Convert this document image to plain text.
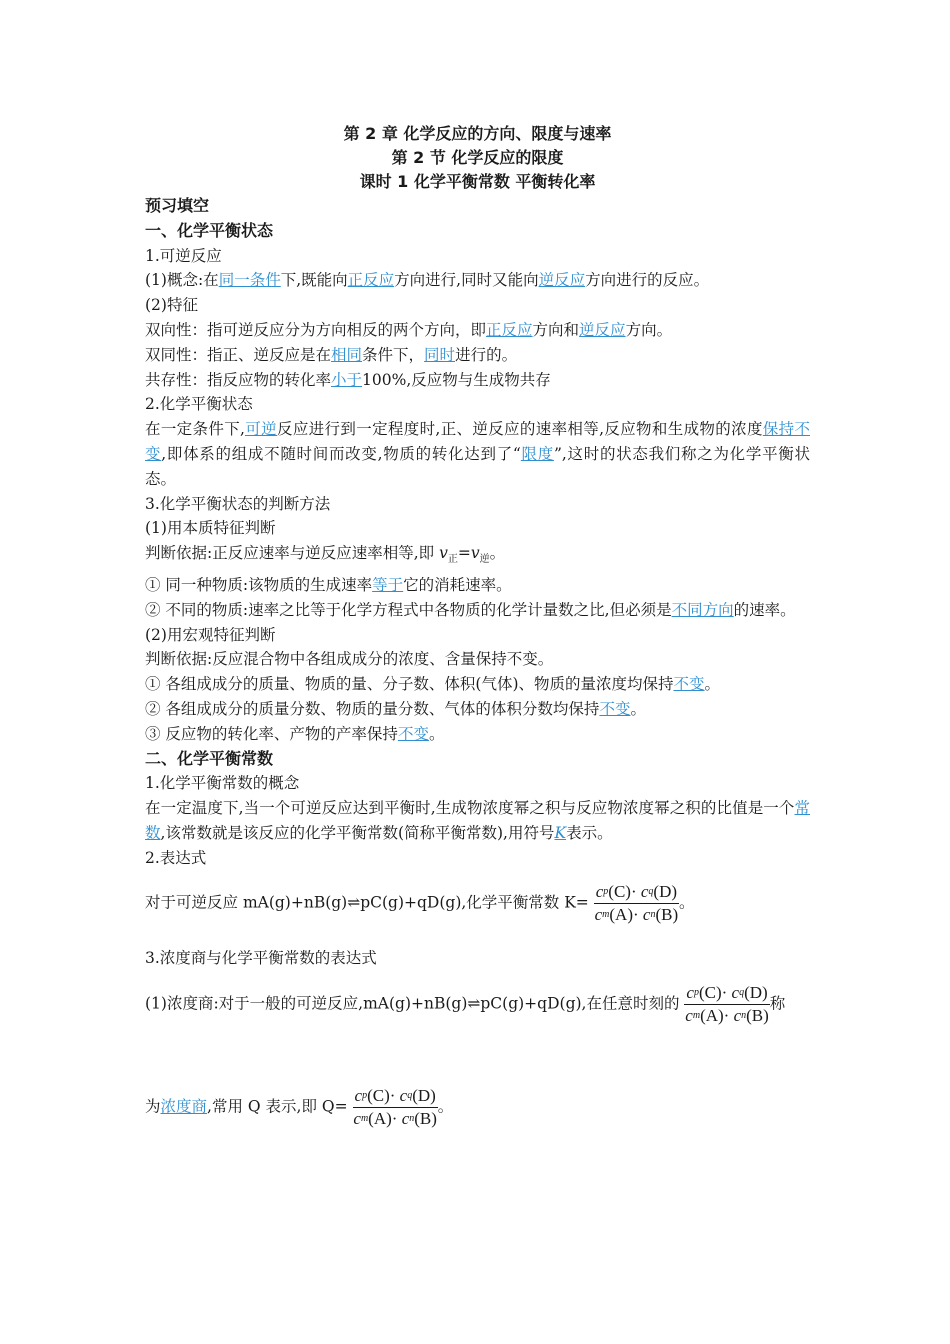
第 2 章 化学反应的方向、限度与速率
第 2 节 化学反应的限度
课时 1 化学平衡常数 平衡转化率
预习填空
一、化学平衡状态
1.可逆反应
(1)概念:在同一条件下,既能向正反应方向进行,同时又能向逆反应方向进行的反应。
(2)特征
双向性：指可逆反应分为方向相反的两个方向，即正反应方向和逆反应方向。
双同性：指正、逆反应是在相同条件下，同时进行的。
共存性：指反应物的转化率小于100%,反应物与生成物共存
2.化学平衡状态
在一定条件下,可逆反应进行到一定程度时,正、逆反应的速率相等,反应物和生成物的浓度保持不变,即体系的组成不随时间而改变,物质的转化达到了“限度”,这时的状态我们称之为化学平衡状态。
3.化学平衡状态的判断方法
(1)用本质特征判断
判断依据:正反应速率与逆反应速率相等,即 $v_正=v_逆$。
① 同一种物质:该物质的生成速率等于它的消耗速率。
② 不同的物质:速率之比等于化学方程式中各物质的化学计量数之比,但必须是不同方向的速率。
(2)用宏观特征判断
判断依据:反应混合物中各组成成分的浓度、含量保持不变。
① 各组成成分的质量、物质的量、分子数、体积(气体)、物质的量浓度均保持不变。
② 各组成成分的质量分数、物质的量分数、气体的体积分数均保持不变。
③ 反应物的转化率、产物的产率保持不变。
二、化学平衡常数
1.化学平衡常数的概念
在一定温度下,当一个可逆反应达到平衡时,生成物浓度幂之积与反应物浓度幂之积的比值是一个常数,该常数就是该反应的化学平衡常数(简称平衡常数),用符号K表示。
2.表达式
对于可逆反应 mA(g)+nB(g)⇌pC(g)+qD(g),化学平衡常数 $K= \frac{c^p(C)\cdot c^q(D)}{c^m(A)\cdot c^n(B)}$ 。
3.浓度商与化学平衡常数的表达式
(1)浓度商:对于一般的可逆反应,mA(g)+nB(g)⇌pC(g)+qD(g),在任意时刻的 $\frac{c^p(C)\cdot c^q(D)}{c^m(A)\cdot c^n(B)}$ 称
为浓度商,常用 Q 表示,即 $Q= \frac{c^p(C)\cdot c^q(D)}{c^m(A)\cdot c^n(B)}$ 。
